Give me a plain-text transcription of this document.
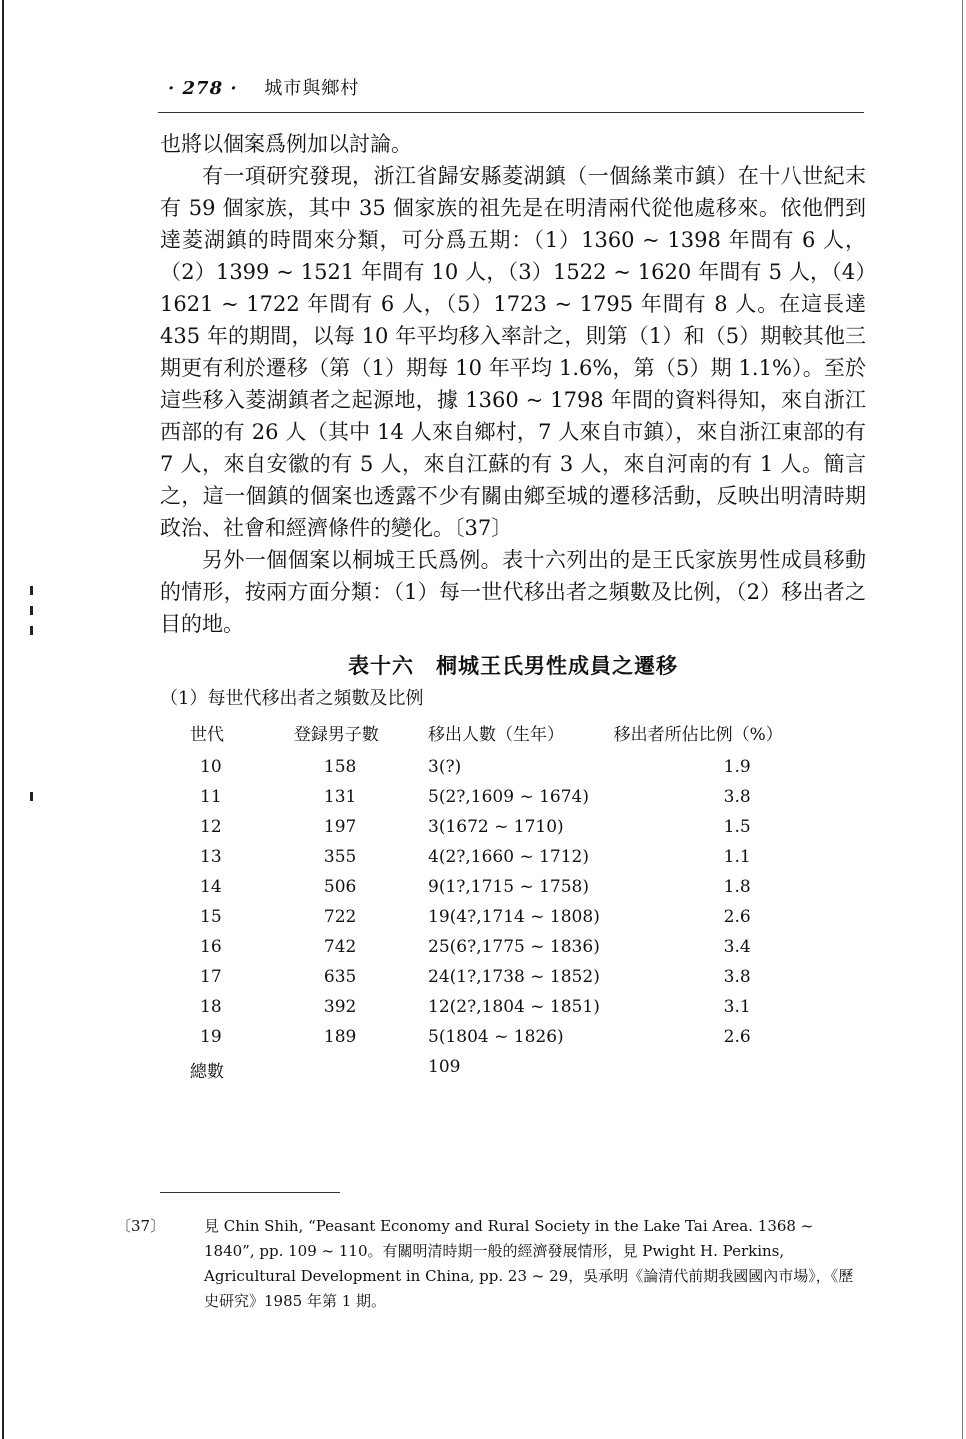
· 278 · 城市與鄉村

也將以個案爲例加以討論。

有一項研究發現，浙江省歸安縣菱湖鎮（一個絲業市鎮）在十八世紀末有 59 個家族，其中 35 個家族的祖先是在明清兩代從他處移來。依他們到達菱湖鎮的時間來分類，可分爲五期：（1）1360 ~ 1398 年間有 6 人，（2）1399 ~ 1521 年間有 10 人，（3）1522 ~ 1620 年間有 5 人，（4）1621 ~ 1722 年間有 6 人，（5）1723 ~ 1795 年間有 8 人。在這長達 435 年的期間，以每 10 年平均移入率計之，則第（1）和（5）期較其他三期更有利於遷移（第（1）期每 10 年平均 1.6%，第（5）期 1.1%）。至於這些移入菱湖鎮者之起源地，據 1360 ~ 1798 年間的資料得知，來自浙江西部的有 26 人（其中 14 人來自鄉村，7 人來自市鎮），來自浙江東部的有 7 人，來自安徽的有 5 人，來自江蘇的有 3 人，來自河南的有 1 人。簡言之，這一個鎮的個案也透露不少有關由鄉至城的遷移活動，反映出明清時期政治、社會和經濟條件的變化。〔37〕

另外一個個案以桐城王氏爲例。表十六列出的是王氏家族男性成員移動的情形，按兩方面分類：（1）每一世代移出者之頻數及比例，（2）移出者之目的地。

表十六　桐城王氏男性成員之遷移
（1）每世代移出者之頻數及比例
世代	登録男子數	移出人數（生年）	移出者所佔比例（%）
10	158	3(?)	1.9
11	131	5(2?,1609 ~ 1674)	3.8
12	197	3(1672 ~ 1710)	1.5
13	355	4(2?,1660 ~ 1712)	1.1
14	506	9(1?,1715 ~ 1758)	1.8
15	722	19(4?,1714 ~ 1808)	2.6
16	742	25(6?,1775 ~ 1836)	3.4
17	635	24(1?,1738 ~ 1852)	3.8
18	392	12(2?,1804 ~ 1851)	3.1
19	189	5(1804 ~ 1826)	2.6
總數		109	
〔37〕	見 Chin Shih, “Peasant Economy and Rural Society in the Lake Tai Area. 1368 ~ 1840”, pp. 109 ~ 110。有關明清時期一般的經濟發展情形，見 Pwight H. Perkins, Agricultural Development in China, pp. 23 ~ 29，吳承明《論清代前期我國國內市場》，《歷史研究》1985 年第 1 期。
